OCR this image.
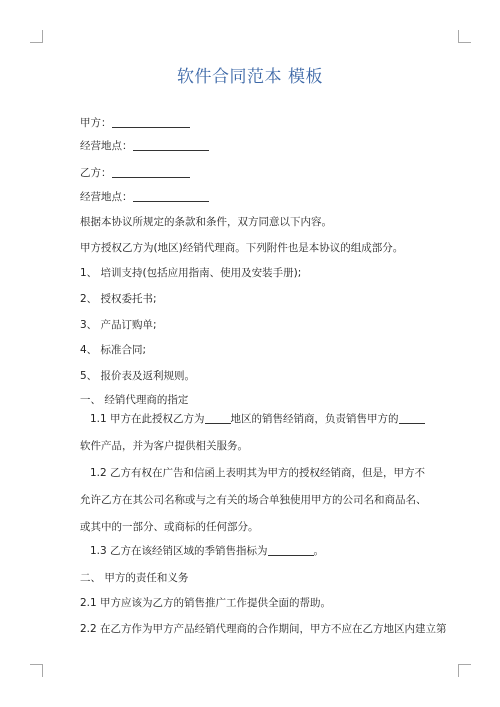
软件合同范本 模板
甲方：
经营地点：
乙方：
经营地点：
根据本协议所规定的条款和条件，双方同意以下内容。
甲方授权乙方为(地区)经销代理商。下列附件也是本协议的组成部分。
1、 培训支持(包括应用指南、使用及安装手册);
2、 授权委托书;
3、 产品订购单;
4、 标准合同;
5、 报价表及返利规则。
一、 经销代理商的指定
1.1 甲方在此授权乙方为 地区的销售经销商，负责销售甲方的软件产品，并为客户提供相关服务。
1.2 乙方有权在广告和信函上表明其为甲方的授权经销商，但是，甲方不允许乙方在其公司名称或与之有关的场合单独使用甲方的公司名和商品名、或其中的一部分、或商标的任何部分。
1.3 乙方在该经销区域的季销售指标为	。
二、 甲方的责任和义务
2.1 甲方应该为乙方的销售推广工作提供全面的帮助。
2.2 在乙方作为甲方产品经销代理商的合作期间，甲方不应在乙方地区内建立第
